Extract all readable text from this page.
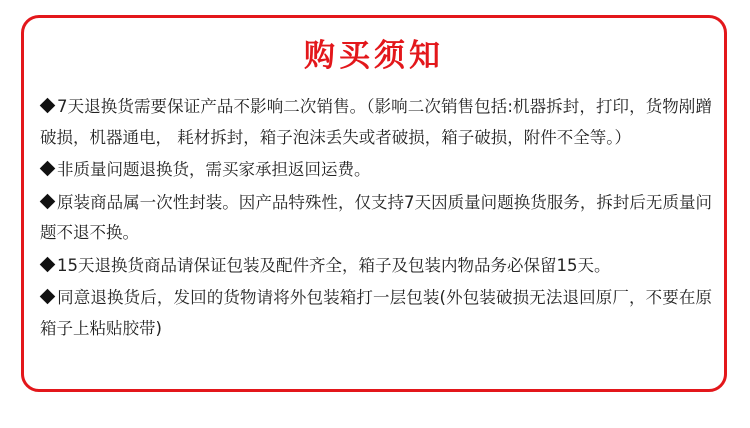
购买须知
7天退换货需要保证产品不影响二次销售。（影响二次销售包括:机器拆封，打印，货物剐蹭破损，机器通电， 耗材拆封，箱子泡沫丢失或者破损，箱子破损，附件不全等。）
非质量问题退换货，需买家承担返回运费。
原装商品属一次性封装。因产品特殊性，仅支持7天因质量问题换货服务，拆封后无质量问题不退不换。
15天退换货商品请保证包装及配件齐全，箱子及包装内物品务必保留15天。
同意退换货后，发回的货物请将外包装箱打一层包装(外包装破损无法退回原厂，不要在原箱子上粘贴胶带)
